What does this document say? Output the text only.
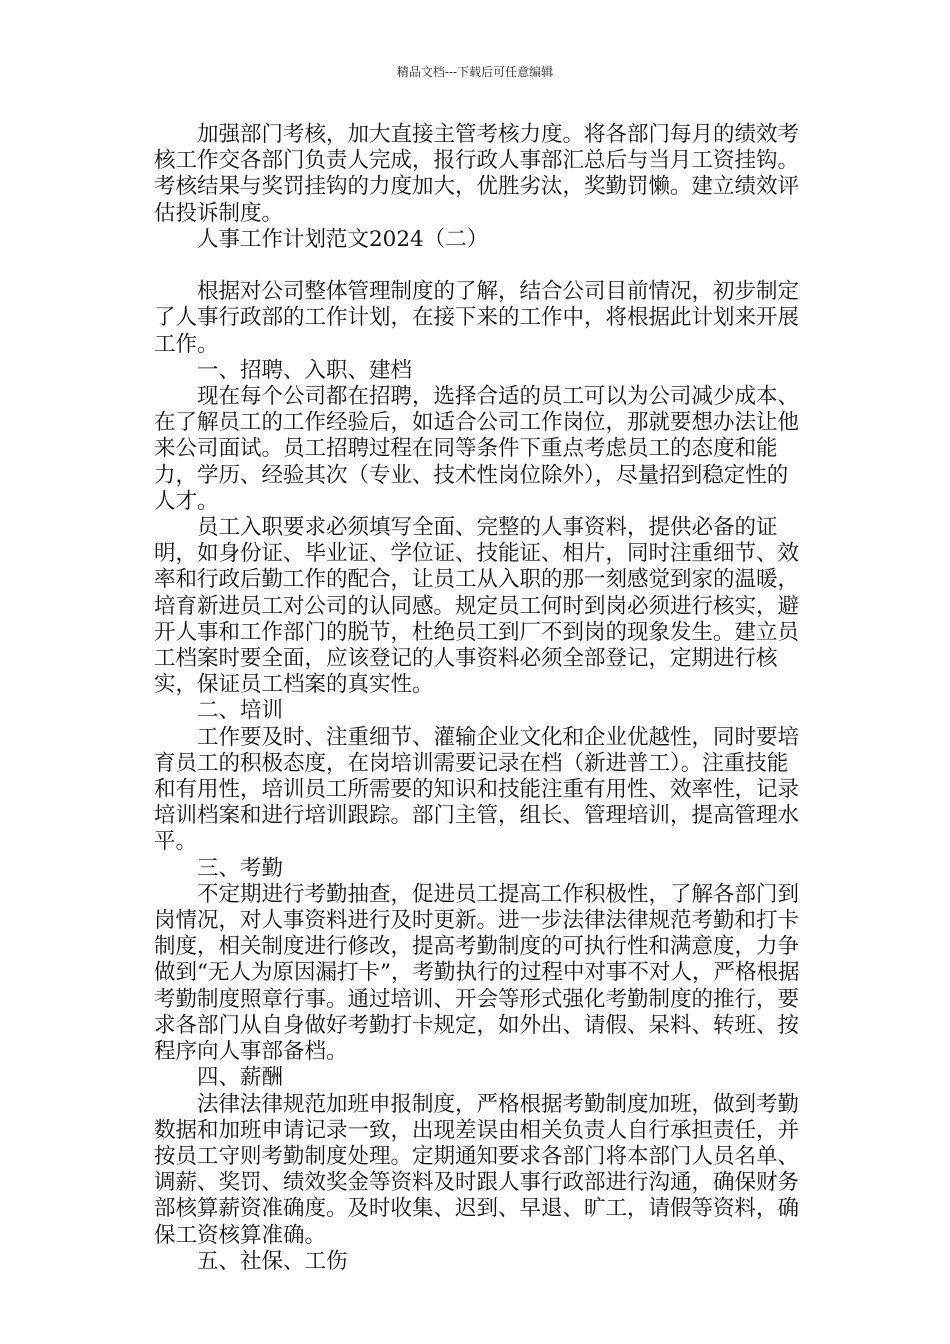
精品文档---下载后可任意编辑

加强部门考核，加大直接主管考核力度。将各部门每月的绩效考核工作交各部门负责人完成，报行政人事部汇总后与当月工资挂钩。考核结果与奖罚挂钩的力度加大，优胜劣汰，奖勤罚懒。建立绩效评估投诉制度。

人事工作计划范文2024（二）

根据对公司整体管理制度的了解，结合公司目前情况，初步制定了人事行政部的工作计划，在接下来的工作中，将根据此计划来开展工作。

一、招聘、入职、建档

现在每个公司都在招聘，选择合适的员工可以为公司减少成本、在了解员工的工作经验后，如适合公司工作岗位，那就要想办法让他来公司面试。员工招聘过程在同等条件下重点考虑员工的态度和能力，学历、经验其次（专业、技术性岗位除外），尽量招到稳定性的人才。

员工入职要求必须填写全面、完整的人事资料，提供必备的证明，如身份证、毕业证、学位证、技能证、相片，同时注重细节、效率和行政后勤工作的配合，让员工从入职的那一刻感觉到家的温暖，培育新进员工对公司的认同感。规定员工何时到岗必须进行核实，避开人事和工作部门的脱节，杜绝员工到厂不到岗的现象发生。建立员工档案时要全面，应该登记的人事资料必须全部登记，定期进行核实，保证员工档案的真实性。

二、培训

工作要及时、注重细节、灌输企业文化和企业优越性，同时要培育员工的积极态度，在岗培训需要记录在档（新进普工）。注重技能和有用性，培训员工所需要的知识和技能注重有用性、效率性，记录培训档案和进行培训跟踪。部门主管，组长、管理培训，提高管理水平。

三、考勤

不定期进行考勤抽查，促进员工提高工作积极性，了解各部门到岗情况，对人事资料进行及时更新。进一步法律法律规范考勤和打卡制度，相关制度进行修改，提高考勤制度的可执行性和满意度，力争做到“无人为原因漏打卡”，考勤执行的过程中对事不对人，严格根据考勤制度照章行事。通过培训、开会等形式强化考勤制度的推行，要求各部门从自身做好考勤打卡规定，如外出、请假、呆料、转班、按程序向人事部备档。

四、薪酬

法律法律规范加班申报制度，严格根据考勤制度加班，做到考勤数据和加班申请记录一致，出现差误由相关负责人自行承担责任，并按员工守则考勤制度处理。定期通知要求各部门将本部门人员名单、调薪、奖罚、绩效奖金等资料及时跟人事行政部进行沟通，确保财务部核算薪资准确度。及时收集、迟到、早退、旷工，请假等资料，确保工资核算准确。

五、社保、工伤
